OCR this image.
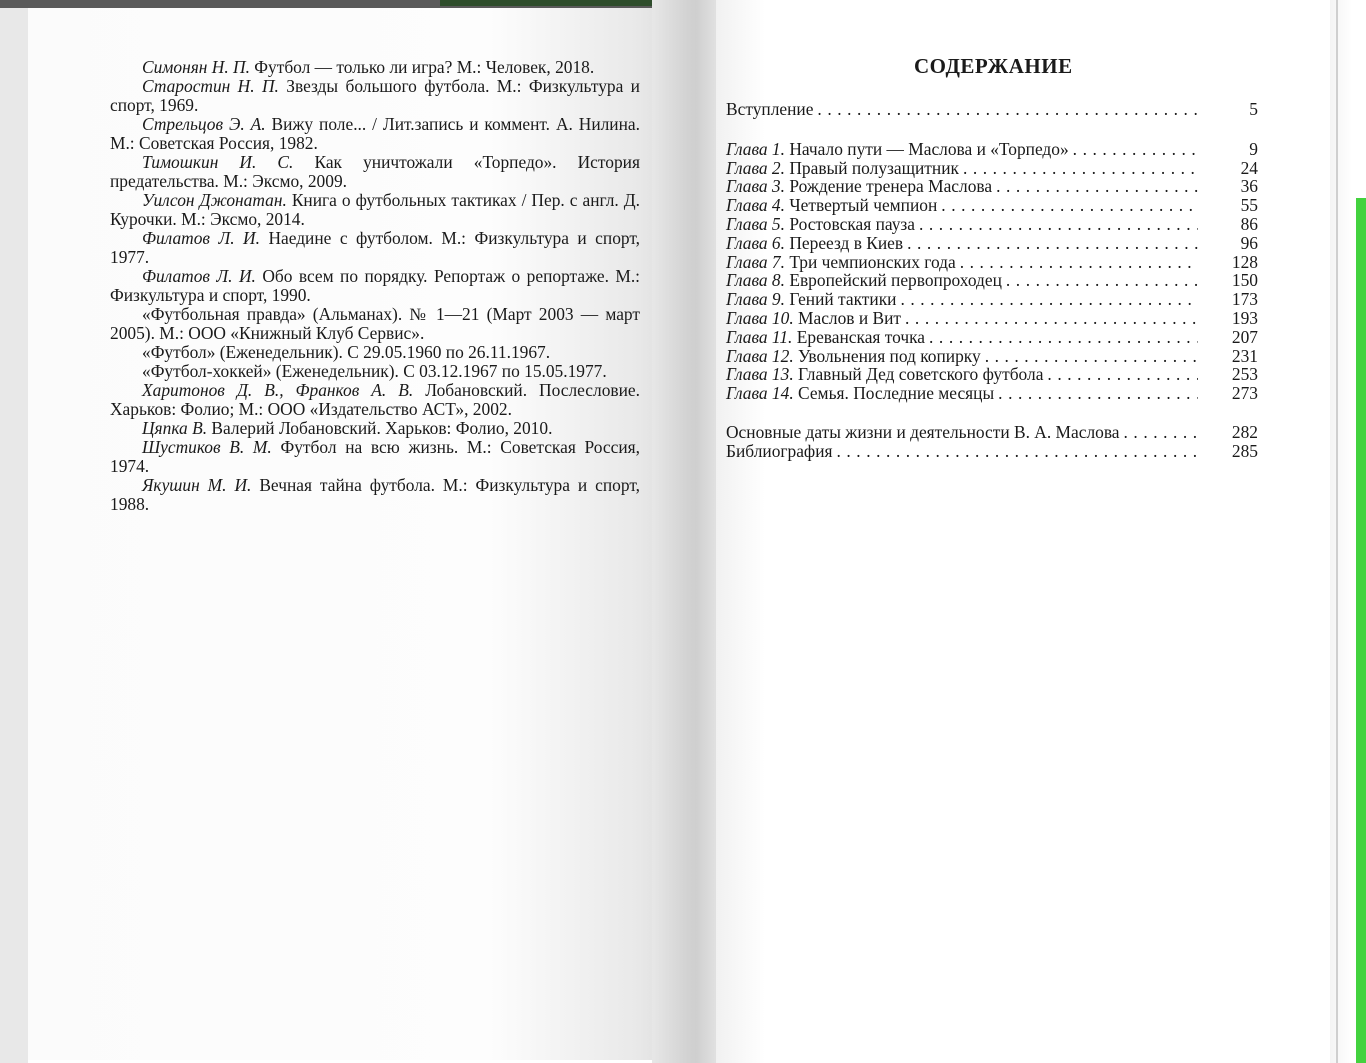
Симонян Н. П. Футбол — только ли игра? М.: Человек, 2018.

Старостин Н. П. Звезды большого футбола. М.: Физкультура и спорт, 1969.

Стрельцов Э. А. Вижу поле... / Лит.запись и коммент. А. Нилина. М.: Советская Россия, 1982.

Тимошкин И. С. Как уничтожали «Торпедо». История предательства. М.: Эксмо, 2009.

Уилсон Джонатан. Книга о футбольных тактиках / Пер. с англ. Д. Курочки. М.: Эксмо, 2014.

Филатов Л. И. Наедине с футболом. М.: Физкультура и спорт, 1977.

Филатов Л. И. Обо всем по порядку. Репортаж о репортаже. М.: Физкультура и спорт, 1990.

«Футбольная правда» (Альманах). № 1—21 (Март 2003 — март 2005). М.: ООО «Книжный Клуб Сервис».

«Футбол» (Еженедельник). С 29.05.1960 по 26.11.1967.

«Футбол-хоккей» (Еженедельник). С 03.12.1967 по 15.05.1977.

Харитонов Д. В., Франков А. В. Лобановский. Послесловие. Харьков: Фолио; М.: ООО «Издательство АСТ», 2002.

Цяпка В. Валерий Лобановский. Харьков: Фолио, 2010.

Шустиков В. М. Футбол на всю жизнь. М.: Советская Россия, 1974.

Якушин М. И. Вечная тайна футбола. М.: Физкультура и спорт, 1988.

СОДЕРЖАНИЕ
Вступление . . .	5
Глава 1. Начало пути — Маслова и «Торпедо» . . .	9
Глава 2. Правый полузащитник . . .	24
Глава 3. Рождение тренера Маслова . . .	36
Глава 4. Четвертый чемпион . . .	55
Глава 5. Ростовская пауза . . .	86
Глава 6. Переезд в Киев . . .	96
Глава 7. Три чемпионских года . . .	128
Глава 8. Европейский первопроходец . . .	150
Глава 9. Гений тактики . . .	173
Глава 10. Маслов и Вит . . .	193
Глава 11. Ереванская точка . . .	207
Глава 12. Увольнения под копирку . . .	231
Глава 13. Главный Дед советского футбола . . .	253
Глава 14. Семья. Последние месяцы . . .	273
Основные даты жизни и деятельности В. А. Маслова . . .	282
Библиография . . .	285
